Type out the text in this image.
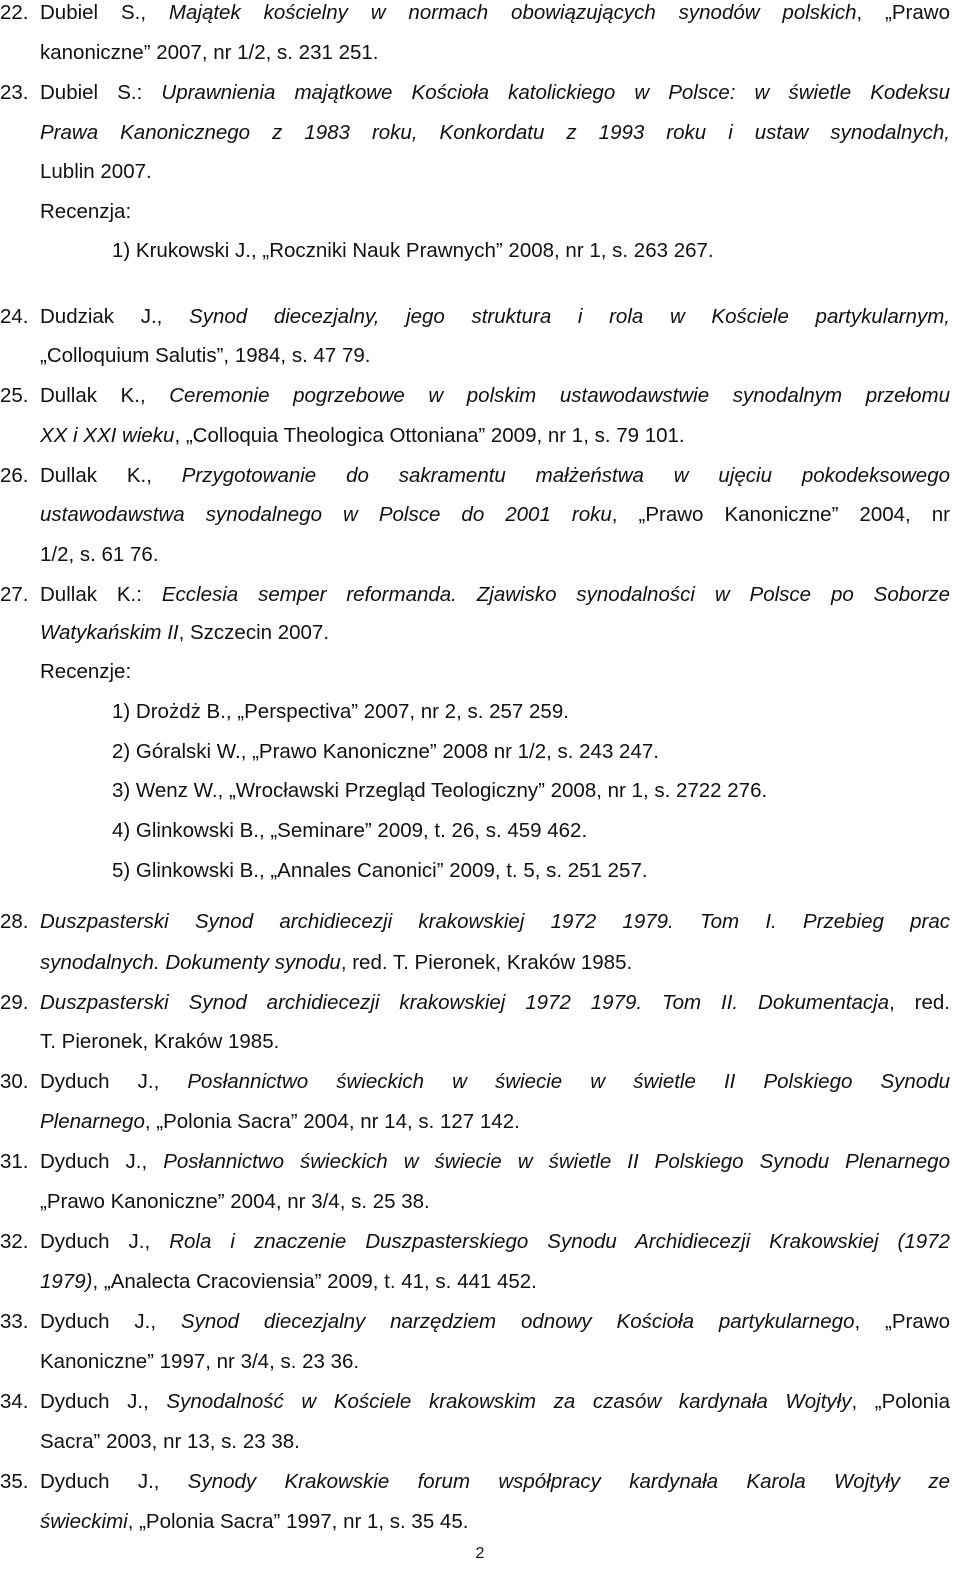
22. Dubiel S., Majątek kościelny w normach obowiązujących synodów polskich, „Prawo
kanoniczne” 2007, nr 1/2, s. 231 251.
23. Dubiel S.: Uprawnienia majątkowe Kościoła katolickiego w Polsce: w świetle Kodeksu
Prawa Kanonicznego z 1983 roku, Konkordatu z 1993 roku i ustaw synodalnych,
Lublin 2007.
Recenzja:
1) Krukowski J., „Roczniki Nauk Prawnych” 2008, nr 1, s. 263 267.
24. Dudziak J., Synod diecezjalny, jego struktura i rola w Kościele partykularnym,
„Colloquium Salutis”, 1984, s. 47 79.
25. Dullak K., Ceremonie pogrzebowe w polskim ustawodawstwie synodalnym przełomu
XX i XXI wieku, „Colloquia Theologica Ottoniana” 2009, nr 1, s. 79 101.
26. Dullak K., Przygotowanie do sakramentu małżeństwa w ujęciu pokodeksowego
ustawodawstwa synodalnego w Polsce do 2001 roku, „Prawo Kanoniczne” 2004, nr
1/2, s. 61 76.
27. Dullak K.: Ecclesia semper reformanda. Zjawisko synodalności w Polsce po Soborze
Watykańskim II, Szczecin 2007.
Recenzje:
1) Drożdż B., „Perspectiva” 2007, nr 2, s. 257 259.
2) Góralski W., „Prawo Kanoniczne” 2008 nr 1/2, s. 243 247.
3) Wenz W., „Wrocławski Przegląd Teologiczny” 2008, nr 1, s. 2722 276.
4) Glinkowski B., „Seminare” 2009, t. 26, s. 459 462.
5) Glinkowski B., „Annales Canonici” 2009, t. 5, s. 251 257.
28. Duszpasterski Synod archidiecezji krakowskiej 1972 1979. Tom I. Przebieg prac
synodalnych. Dokumenty synodu, red. T. Pieronek, Kraków 1985.
29. Duszpasterski Synod archidiecezji krakowskiej 1972 1979. Tom II. Dokumentacja, red.
T. Pieronek, Kraków 1985.
30. Dyduch J., Posłannictwo świeckich w świecie w świetle II Polskiego Synodu
Plenarnego, „Polonia Sacra” 2004, nr 14, s. 127 142.
31. Dyduch J., Posłannictwo świeckich w świecie w świetle II Polskiego Synodu Plenarnego
„Prawo Kanoniczne” 2004, nr 3/4, s. 25 38.
32. Dyduch J., Rola i znaczenie Duszpasterskiego Synodu Archidiecezji Krakowskiej (1972
1979), „Analecta Cracoviensia” 2009, t. 41, s. 441 452.
33. Dyduch J., Synod diecezjalny narzędziem odnowy Kościoła partykularnego, „Prawo
Kanoniczne” 1997, nr 3/4, s. 23 36.
34. Dyduch J., Synodalność w Kościele krakowskim za czasów kardynała Wojtyły, „Polonia
Sacra” 2003, nr 13, s. 23 38.
35. Dyduch J., Synody Krakowskie forum współpracy kardynała Karola Wojtyły ze
świeckimi, „Polonia Sacra” 1997, nr 1, s. 35 45.
2
